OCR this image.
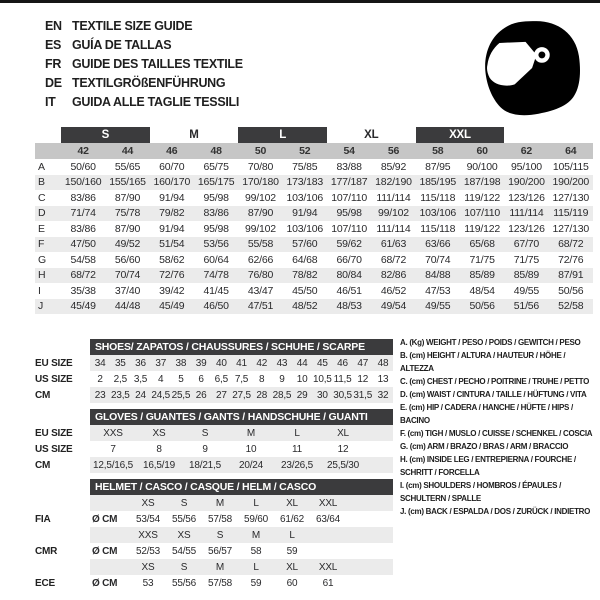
EN TEXTILE SIZE GUIDE
ES GUÍA DE TALLAS
FR GUIDE DES TAILLES TEXTILE
DE TEXTILGRÖßENFÜHRUNG
IT	GUIDA ALLE TAGLIE TESSILI
	S		M		L		XL		XXL			
	42	44	46	48	50	52	54	56	58	60	62	64
A	50/60	55/65	60/70	65/75	70/80	75/85	83/88	85/92	87/95	90/100	95/100	105/115
B	150/160	155/165	160/170	165/175	170/180	173/183	177/187	182/190	185/195	187/198	190/200	190/200
C	83/86	87/90	91/94	95/98	99/102	103/106	107/110	111/114	115/118	119/122	123/126	127/130
D	71/74	75/78	79/82	83/86	87/90	91/94	95/98	99/102	103/106	107/110	111/114	115/119
E	83/86	87/90	91/94	95/98	99/102	103/106	107/110	111/114	115/118	119/122	123/126	127/130
F	47/50	49/52	51/54	53/56	55/58	57/60	59/62	61/63	63/66	65/68	67/70	68/72
G	54/58	56/60	58/62	60/64	62/66	64/68	66/70	68/72	70/74	71/75	71/75	72/76
H	68/72	70/74	72/76	74/78	76/80	78/82	80/84	82/86	84/88	85/89	85/89	87/91
I	35/38	37/40	39/42	41/45	43/47	45/50	46/51	46/52	47/53	48/54	49/55	50/56
J	45/49	44/48	45/49	46/50	47/51	48/52	48/53	49/54	49/55	50/56	51/56	52/58
SHOES/ ZAPATOS / CHAUSSURES / SCHUHE / SCARPE
EU SIZE	34 35 36 37 38 39 40 41 42 43 44 45 46 47 48
US SIZE	2	2,5 3,5	4	5	6	6,5 7,5	8	9	10 10,5 11,5 12 13
CM	23 23,5 24 24,5 25,5 26 27 27,5 28 28,5 29 30 30,5 31,5 32
GLOVES / GUANTES / GANTS / HANDSCHUHE / GUANTI
EU SIZE	XXS	XS	S	M	L	XL
US SIZE	7	8	9	10	11	12
CM	12,5/16,5	16,5/19	18/21,5	20/24	23/26,5	25,5/30
HELMET / CASCO / CASQUE / HELM / CASCO
XS	S	M	L	XL	XXL
FIA	Ø CM	53/54	55/56	57/58	59/60	61/62	63/64
XXS	XS	S	M	L
CMR	Ø CM	52/53	54/55	56/57	58	59
XS	S	M	L	XL	XXL
ECE	Ø CM	53	55/56	57/58	59	60	61
A. (Kg) WEIGHT / PESO / POIDS / GEWITCH / PESO
B. (cm) HEIGHT / ALTURA / HAUTEUR / HÖHE / ALTEZZA
C. (cm) CHEST / PECHO / POITRINE / TRUHE / PETTO
D. (cm) WAIST / CINTURA / TAILLE / HÜFTUNG / VITA
E. (cm) HIP / CADERA / HANCHE / HÜFTE / HIPS / BACINO
F. (cm) TIGH / MUSLO / CUISSE / SCHENKEL / COSCIA
G. (cm) ARM / BRAZO / BRAS / ARM / BRACCIO
H. (cm) INSIDE LEG / ENTREPIERNA / FOURCHE / SCHRITT / FORCELLA
I. (cm) SHOULDERS / HOMBROS / ÉPAULES / SCHULTERN / SPALLE
J. (cm) BACK / ESPALDA / DOS / ZURÜCK / INDIETRO
